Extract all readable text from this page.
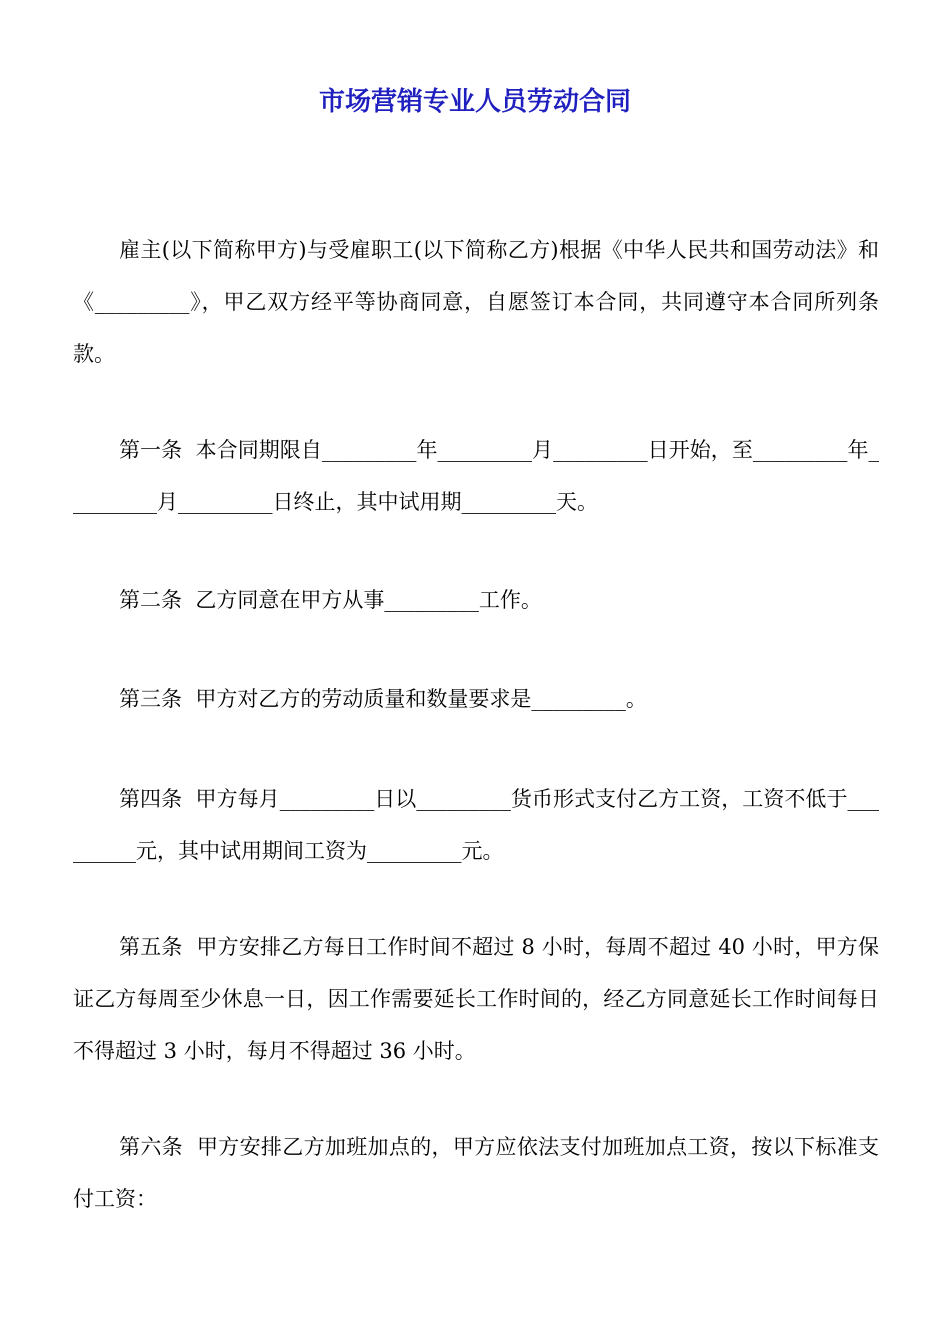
市场营销专业人员劳动合同

雇主(以下简称甲方)与受雇职工(以下简称乙方)根据《中华人民共和国劳动法》和《_________》，甲乙双方经平等协商同意，自愿签订本合同，共同遵守本合同所列条款。

第一条  本合同期限自_________年_________月_________日开始，至_________年_________月_________日终止，其中试用期_________天。

第二条  乙方同意在甲方从事_________工作。

第三条  甲方对乙方的劳动质量和数量要求是_________。

第四条  甲方每月_________日以_________货币形式支付乙方工资，工资不低于_________元，其中试用期间工资为_________元。

第五条  甲方安排乙方每日工作时间不超过 8 小时，每周不超过 40 小时，甲方保证乙方每周至少休息一日，因工作需要延长工作时间的，经乙方同意延长工作时间每日不得超过 3 小时，每月不得超过 36 小时。

第六条  甲方安排乙方加班加点的，甲方应依法支付加班加点工资，按以下标准支付工资：
